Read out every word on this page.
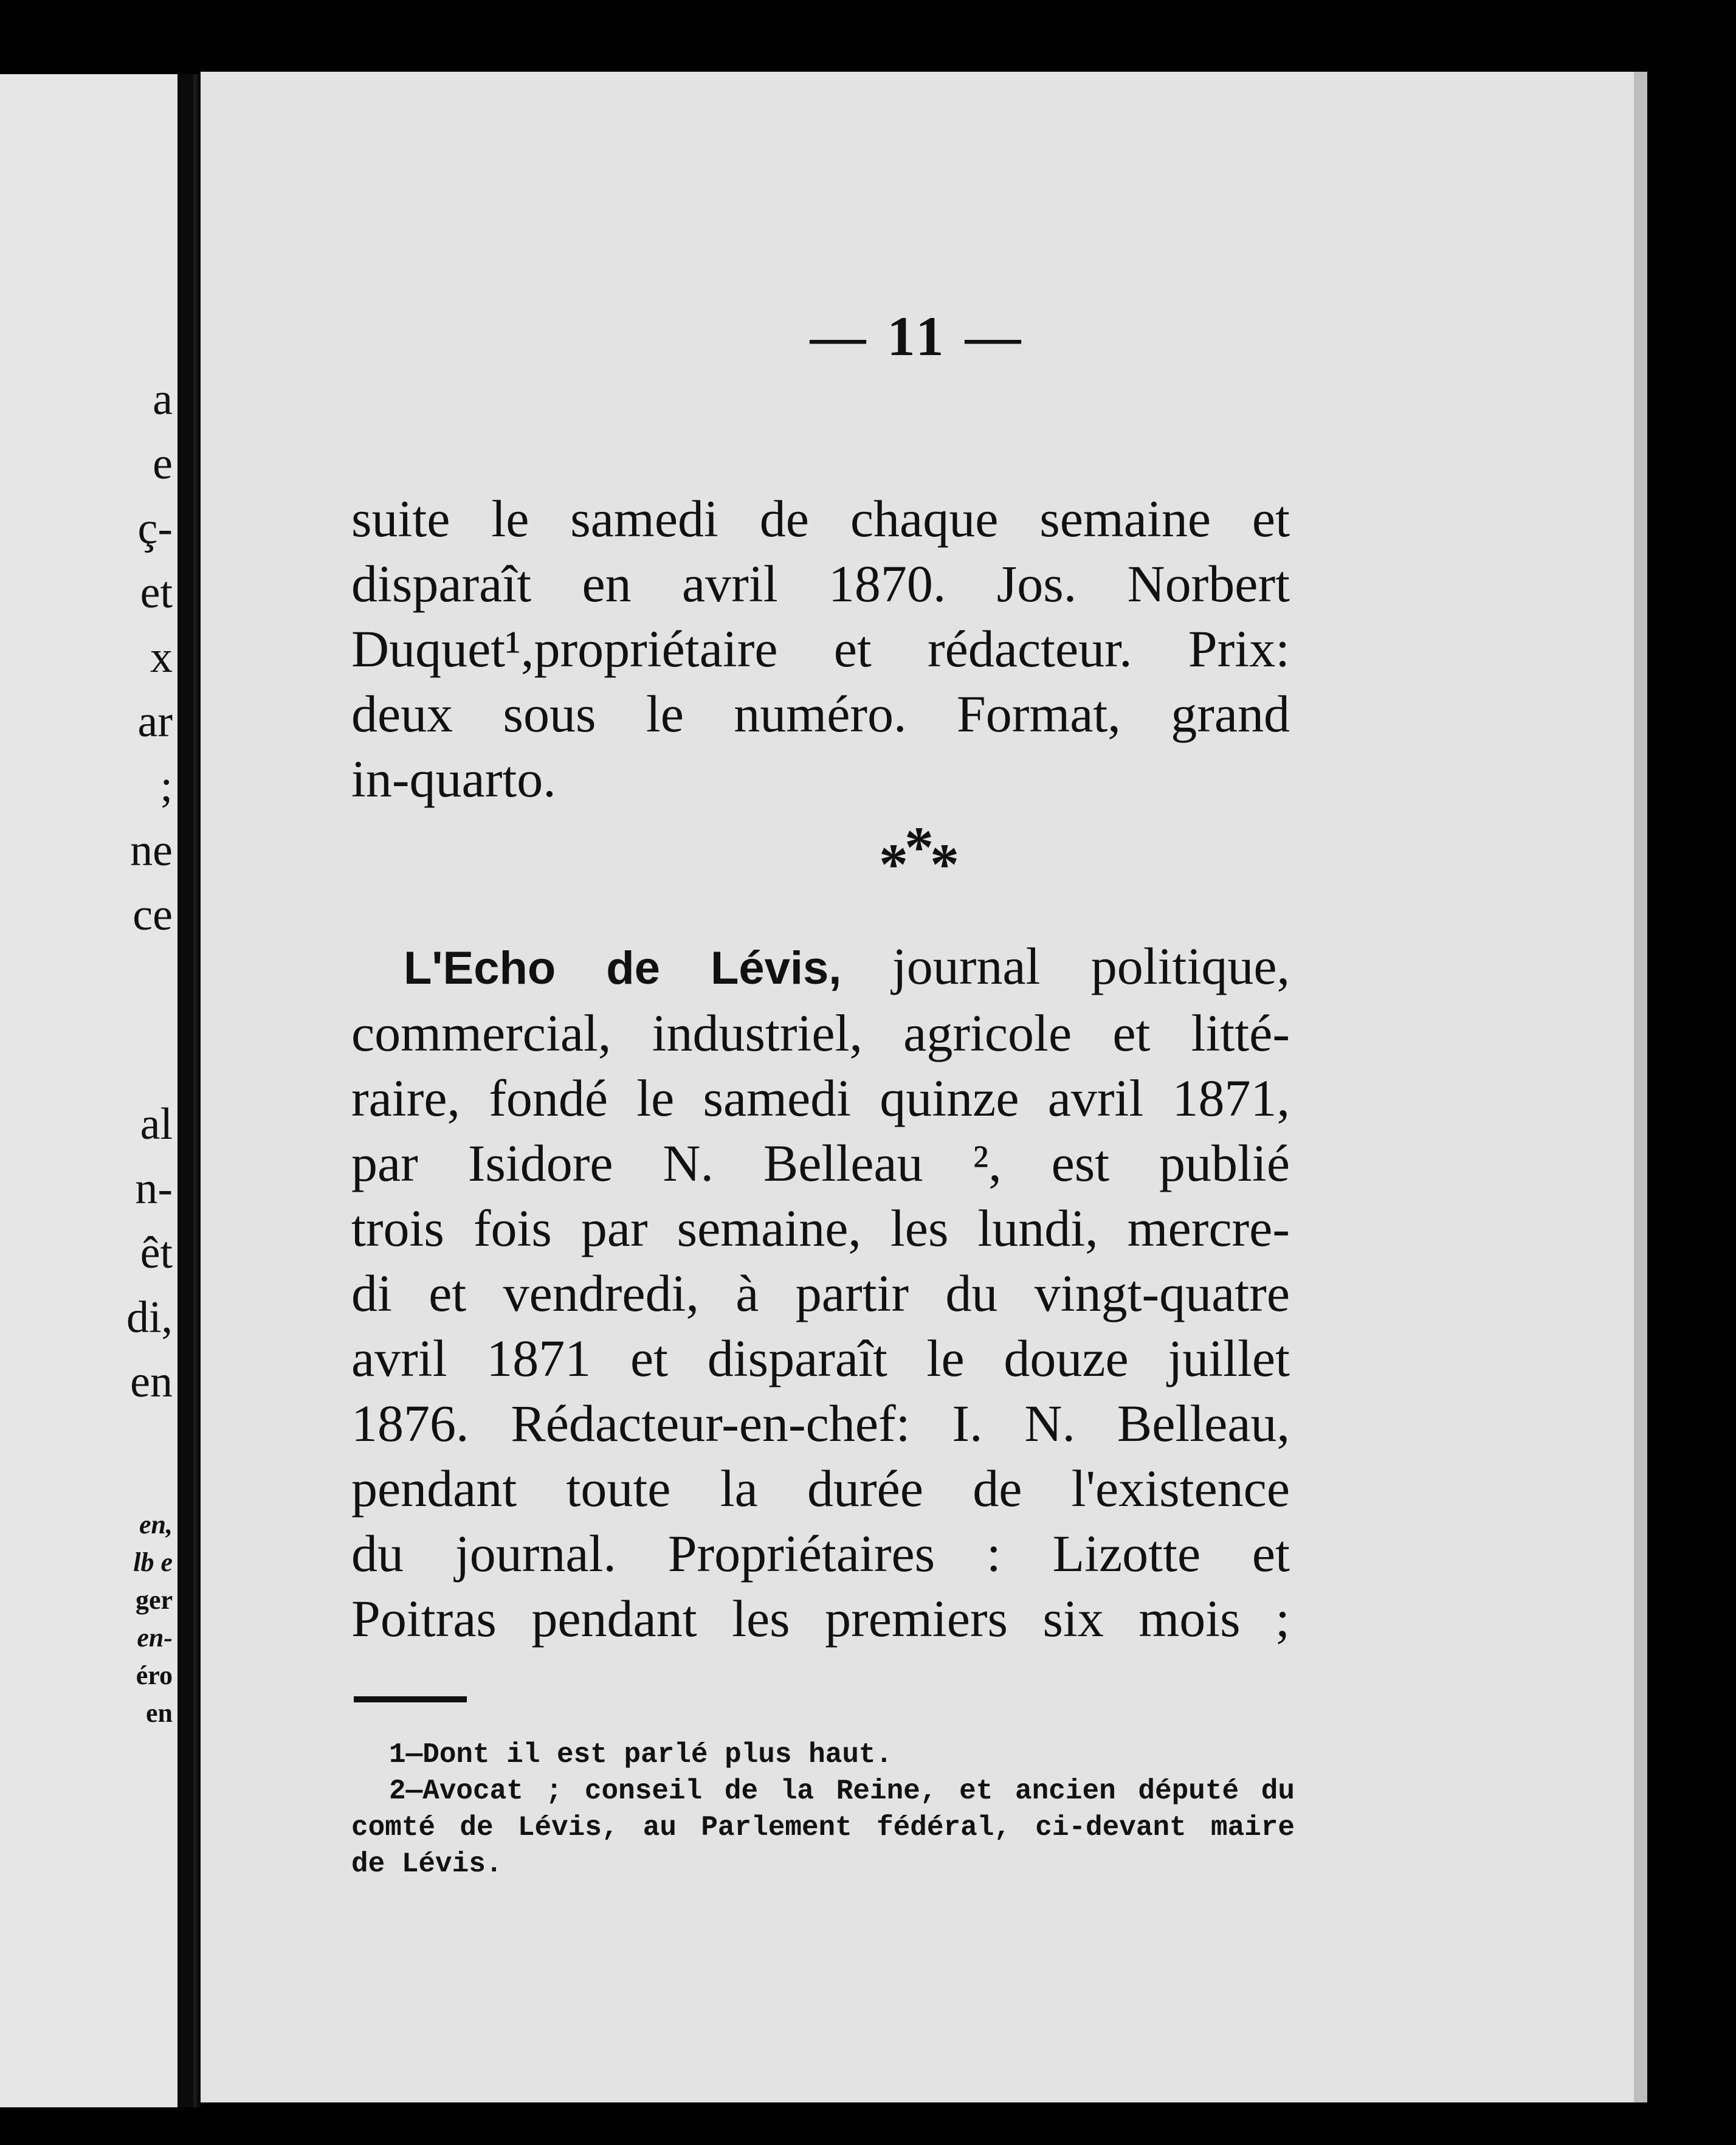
a
e
ç-
et
x
ar
;
ne
ce
al
n-
êt
di,
en
en,
lb e
ger
en-
éro
en
— 11 —
suite le samedi de chaque semaine et
disparaît en avril 1870. Jos. Norbert
Duquet¹,propriétaire et rédacteur. Prix:
deux sous le numéro. Format, grand
in-quarto.
***
L'Echo de Lévis, journal politique,
commercial, industriel, agricole et litté-
raire, fondé le samedi quinze avril 1871,
par Isidore N. Belleau ², est publié
trois fois par semaine, les lundi, mercre-
di et vendredi, à partir du vingt-quatre
avril 1871 et disparaît le douze juillet
1876. Rédacteur-en-chef: I. N. Belleau,
pendant toute la durée de l'existence
du journal. Propriétaires : Lizotte et
Poitras pendant les premiers six mois ;
1—Dont il est parlé plus haut.
2—Avocat ; conseil de la Reine, et ancien député du
comté de Lévis, au Parlement fédéral, ci-devant maire
de Lévis.
